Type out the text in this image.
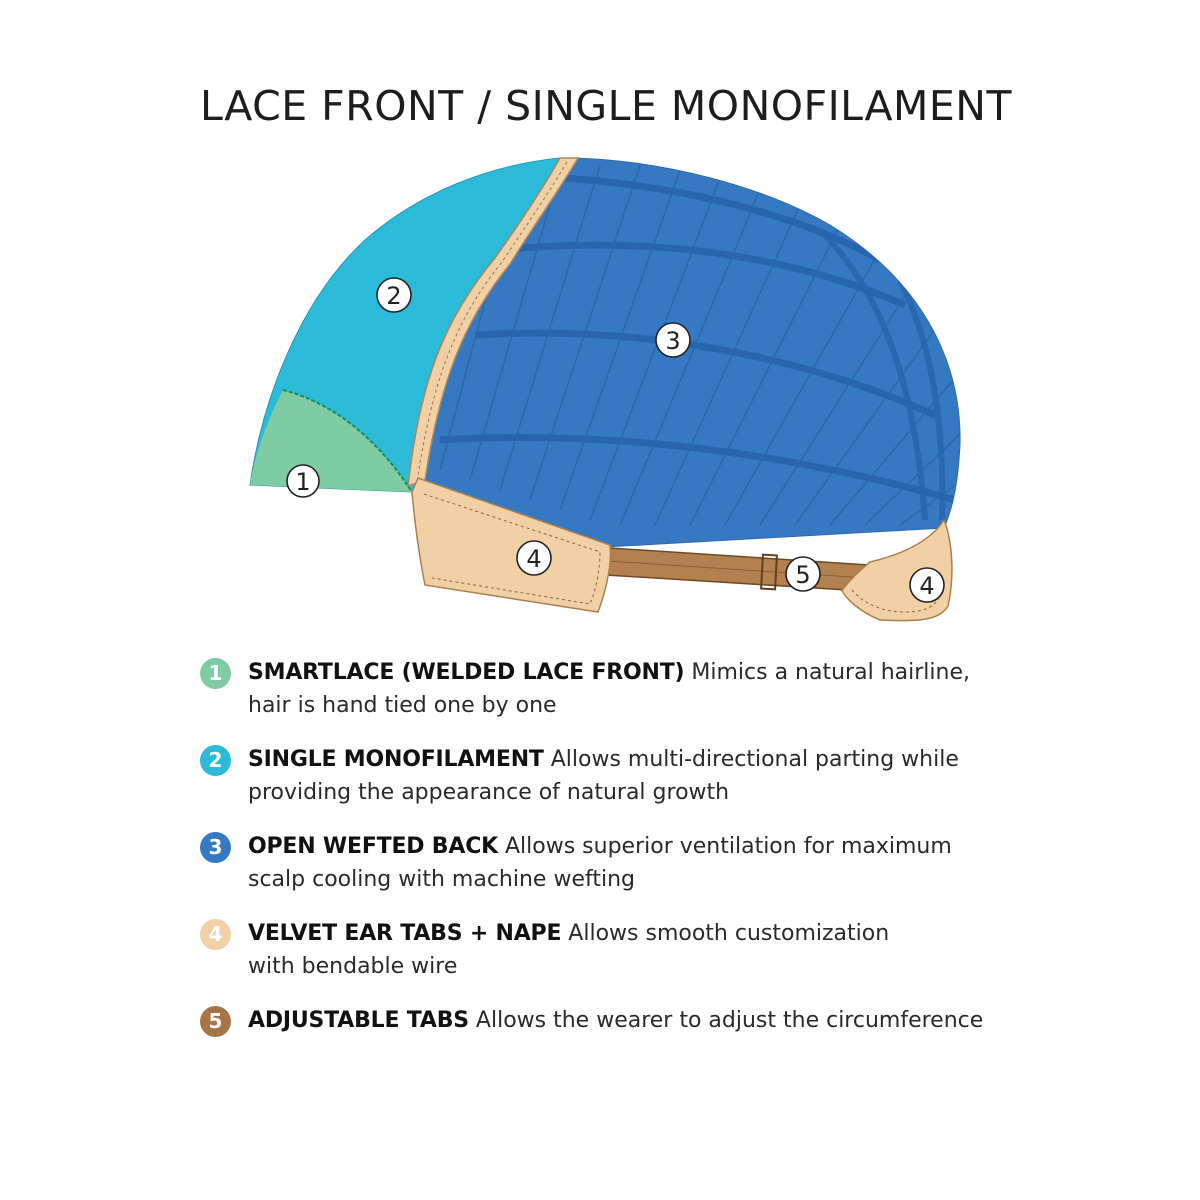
LACE FRONT / SINGLE MONOFILAMENT
1
2
3
4
5	4
1	SMARTLACE (WELDED LACE FRONT) Mimics a natural hairline,
hair is hand tied one by one
2	SINGLE MONOFILAMENT Allows multi-directional parting while
providing the appearance of natural growth
3	OPEN WEFTED BACK Allows superior ventilation for maximum
scalp cooling with machine wefting
4	VELVET EAR TABS + NAPE Allows smooth customization
with bendable wire
5	ADJUSTABLE TABS Allows the wearer to adjust the circumference
